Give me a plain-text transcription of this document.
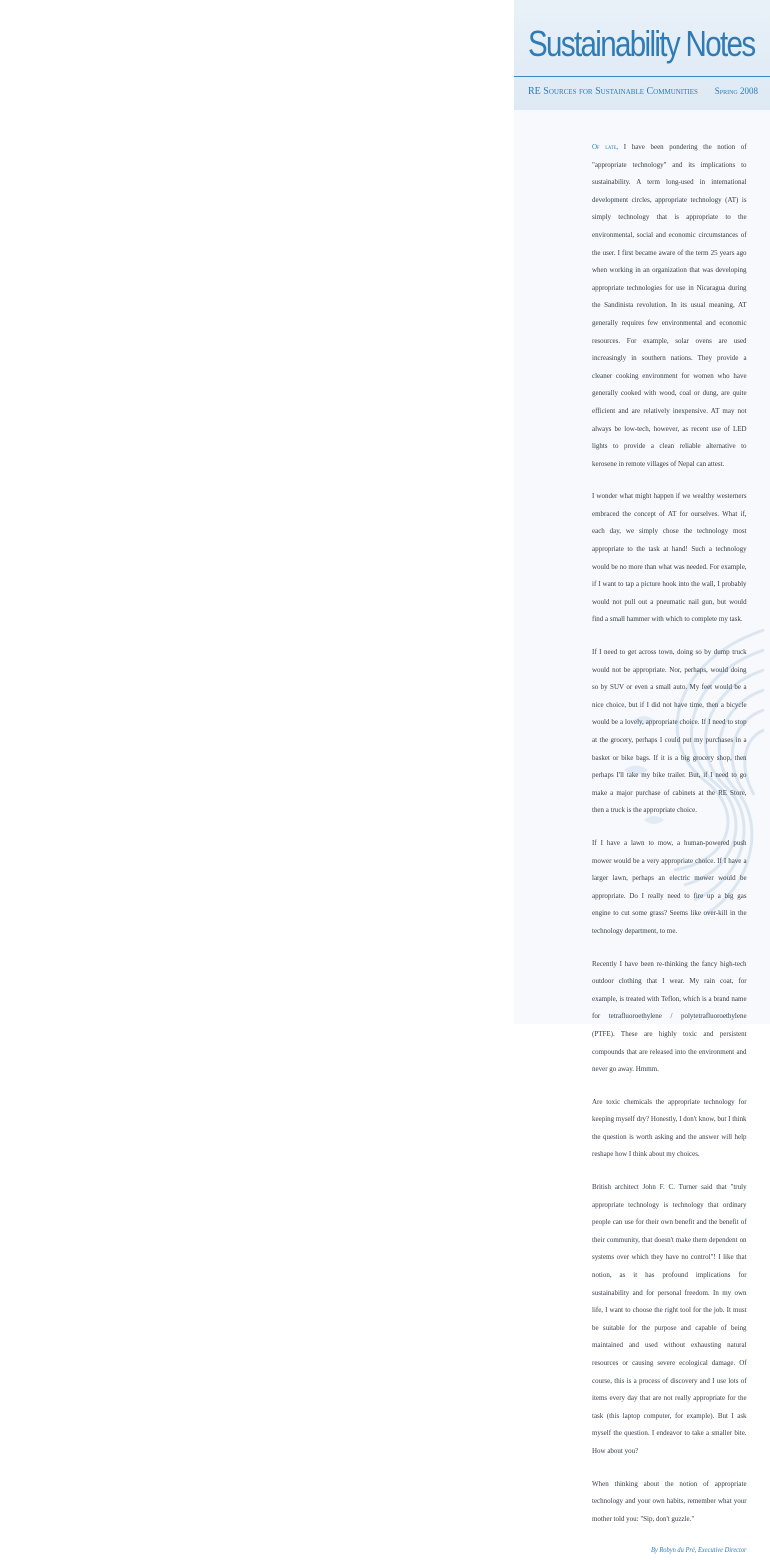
Sustainability Notes
RE Sources for Sustainable Communities Spring 2008

Of late, I have been pondering the notion of "appropriate technology" and its implications to sustainability. A term long-used in international development circles, appropriate technology (AT) is simply technology that is appropriate to the environmental, social and economic circumstances of the user. I first became aware of the term 25 years ago when working in an organization that was developing appropriate technologies for use in Nicaragua during the Sandinista revolution. In its usual meaning, AT generally requires few environmental and economic resources. For example, solar ovens are used increasingly in southern nations. They provide a cleaner cooking environment for women who have generally cooked with wood, coal or dung, are quite efficient and are relatively inexpensive. AT may not always be low-tech, however, as recent use of LED lights to provide a clean reliable alternative to kerosene in remote villages of Nepal can attest.

I wonder what might happen if we wealthy westerners embraced the concept of AT for ourselves. What if, each day, we simply chose the technology most appropriate to the task at hand! Such a technology would be no more than what was needed. For example, if I want to tap a picture hook into the wall, I probably would not pull out a pneumatic nail gun, but would find a small hammer with which to complete my task.

If I need to get across town, doing so by dump truck would not be appropriate. Nor, perhaps, would doing so by SUV or even a small auto. My feet would be a nice choice, but if I did not have time, then a bicycle would be a lovely, appropriate choice. If I need to stop at the grocery, perhaps I could put my purchases in a basket or bike bags. If it is a big grocery shop, then perhaps I'll take my bike trailer. But, if I need to go make a major purchase of cabinets at the RE Store, then a truck is the appropriate choice.

If I have a lawn to mow, a human-powered push mower would be a very appropriate choice. If I have a larger lawn, perhaps an electric mower would be appropriate. Do I really need to fire up a big gas engine to cut some grass? Seems like over-kill in the technology department, to me.

Recently I have been re-thinking the fancy high-tech outdoor clothing that I wear. My rain coat, for example, is treated with Teflon, which is a brand name for tetrafluoroethylene / polytetrafluoroethylene (PTFE). These are highly toxic and persistent compounds that are released into the environment and never go away. Hmmm.

Are toxic chemicals the appropriate technology for keeping myself dry? Honestly, I don't know, but I think the question is worth asking and the answer will help reshape how I think about my choices.

British architect John F. C. Turner said that "truly appropriate technology is technology that ordinary people can use for their own benefit and the benefit of their community, that doesn't make them dependent on systems over which they have no control"! I like that notion, as it has profound implications for sustainability and for personal freedom. In my own life, I want to choose the right tool for the job. It must be suitable for the purpose and capable of being maintained and used without exhausting natural resources or causing severe ecological damage. Of course, this is a process of discovery and I use lots of items every day that are not really appropriate for the task (this laptop computer, for example). But I ask myself the question. I endeavor to take a smaller bite. How about you?

When thinking about the notion of appropriate technology and your own habits, remember what your mother told you: "Sip, don't guzzle."

By Robyn du Pré, Executive Director
